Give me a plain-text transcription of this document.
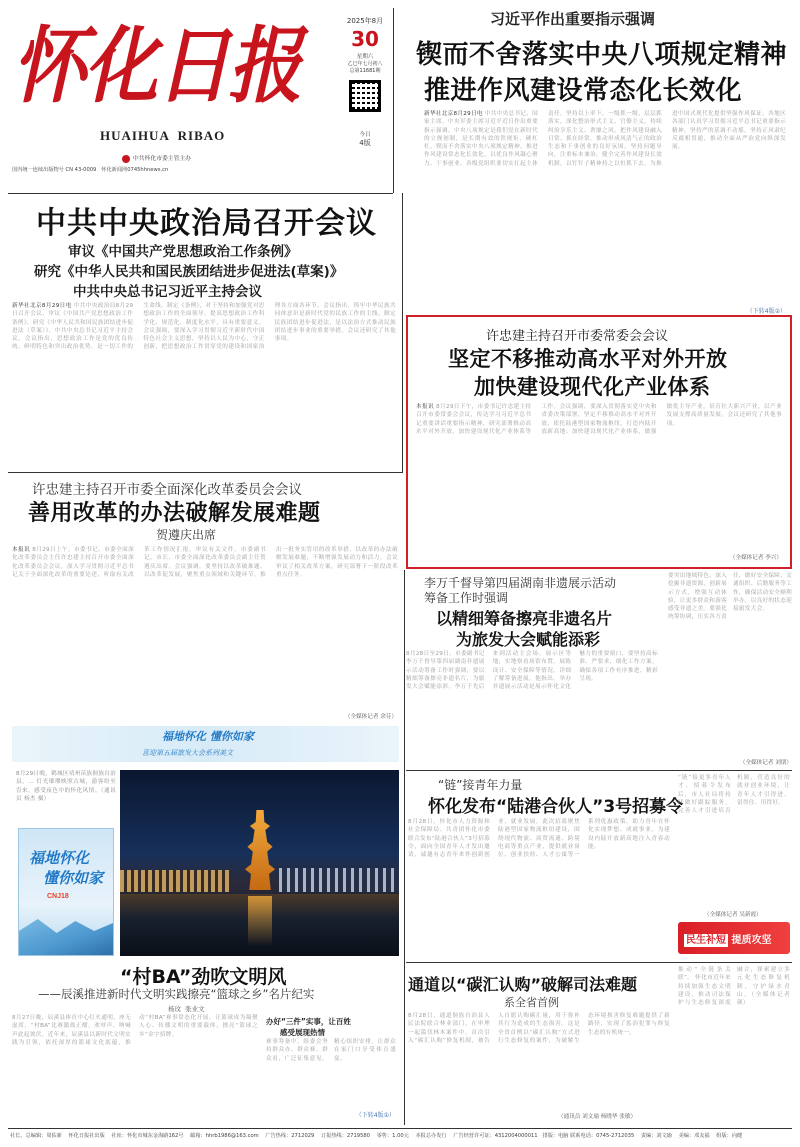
怀化日报
HUAIHUA  RIBAO
中共怀化市委主管主办
国内统一连续出版物号 CN 43-0009   怀化新闻网0745hhnews.cn
2025年8月
30
星期六
乙巳年七月初八
总第11681期
今日
4版
习近平作出重要指示强调
锲而不舍落实中央八项规定精神
推进作风建设常态化长效化
新华社北京8月29日电 中共中央总书记、国家主席、中央军委主席习近平近日作出重要指示强调，中央八项规定是我们党在新时代的立规创制，是长期有效的铁规矩、硬杠杠。锲而不舍落实中央八项规定精神，推进作风建设常态化长效化，以优良作风凝心聚力、干事创业。各级党组织要切实扛起主体责任，坚持以上率下，一级抓一级、层层抓落实，深化整治形式主义、官僚主义，持续纠治享乐主义、奢靡之风，把作风建设融入日常、抓在经常，推动形成风清气正的政治生态和干事创业的良好氛围。坚持问题导向，注重标本兼治，健全完善作风建设长效机制，以钉钉子精神持之以恒抓下去，为推进中国式现代化提供坚强作风保证。各地区各部门认真学习贯彻习近平总书记重要指示精神，坚持严的基调不动摇，坚持正风肃纪反腐相贯通，推动全面从严治党向纵深发展。
（下转4版②）
中共中央政治局召开会议
审议《中国共产党思想政治工作条例》
研究《中华人民共和国民族团结进步促进法(草案)》
中共中央总书记习近平主持会议
新华社北京8月29日电 中共中央政治局8月29日召开会议，审议《中国共产党思想政治工作条例》，研究《中华人民共和国民族团结进步促进法（草案）》。中共中央总书记习近平主持会议。会议指出，思想政治工作是党的优良传统、鲜明特色和突出政治优势，是一切工作的生命线。制定《条例》，对于坚持和加强党对思想政治工作的全面领导，提高思想政治工作科学化、规范化、制度化水平，具有重要意义。会议强调，要深入学习贯彻习近平新时代中国特色社会主义思想，坚持以人民为中心，守正创新，把思想政治工作贯穿党的建设和国家治理各方面各环节。会议指出，铸牢中华民族共同体意识是新时代党的民族工作的主线。制定民族团结进步促进法，是以法治方式推动民族团结进步事业的重要举措。会议还研究了其他事项。	许忠建主持召开市委常委会会议
坚定不移推动高水平对外开放
加快建设现代化产业体系
本报讯 8月29日下午，市委书记许忠建主持召开市委常委会会议，传达学习习近平总书记重要讲话重要指示精神，研究部署推动高水平对外开放、加快建设现代化产业体系等工作。会议强调，要深入贯彻落实党中央和省委决策部署，坚定不移推动高水平对外开放，依托陆港型国家物流枢纽，打造内陆开放新高地；加快建设现代化产业体系，做强做优主导产业，培育壮大新兴产业，以产业发展支撑高质量发展。会议还研究了其他事项。
（全媒体记者 李兴）
许忠建主持召开市委全面深化改革委员会会议
善用改革的办法破解发展难题
贺遵庆出席
本报讯 8月29日上午，市委书记、市委全面深化改革委员会主任许忠建主持召开市委全面深化改革委员会会议，深入学习贯彻习近平总书记关于全面深化改革的重要论述，听取有关改革工作情况汇报，审议有关文件。市委副书记、市长、市委全面深化改革委员会副主任贺遵庆出席。会议强调，要坚持以改革破难题、以改革促发展，聚焦重点领域和关键环节，推出一批务实管用的改革举措，以改革的办法破解发展难题，不断增强发展动力和活力。会议审议了相关改革方案，研究部署下一阶段改革重点任务。
（全媒体记者 余芬）
李万千督导第四届湖南非遗展示活动
筹备工作时强调
以精细筹备擦亮非遗名片
为旅发大会赋能添彩
8月28日至29日，市委副书记李万千督导第四届湖南非遗展示活动筹备工作时强调，要以精细筹备擦亮非遗名片，为旅发大会赋能添彩。李万千先后来到活动主会场、展示区等地，实地察看场馆布置、展陈设计、安全保障等情况，详细了解筹备进展。他指出，举办非遗展示活动是展示怀化文化魅力的重要窗口，要坚持高标准、严要求，细化工作方案，确保各项工作有序推进、精彩呈现。
要突出地域特色，深入挖掘非遗资源，创新展示方式，增强互动体验，让更多群众和游客感受非遗之美。要强化统筹协调，压实各方责任，做好安全保障、交通组织、后勤服务等工作，确保活动安全顺利举办，以良好的状态迎接旅发大会。
（全媒体记者 刘朋）
福地怀化 懂你如家
喜迎第五届旅发大会系列美文
8月29日晚，鹤城区靖州苗族侗族自治县，… 灯光璀璨映照古城，游客纷至沓来，感受夜色中的怀化风情。（通讯员 杨杰 摄）
福地怀化
懂你如家
CNJ18
“村BA”劲吹文明风
——辰溪推进新时代文明实践擦亮“篮球之乡”名片纪实
杨玟  张业文
8月27日晚，辰溪县体育中心灯火通明，座无虚席，“村BA”比赛激战正酣，欢呼声、呐喊声此起彼伏。近年来，辰溪县以新时代文明实践为引领，依托深厚的篮球文化底蕴，推动“村BA”赛事常态化开展，让篮球成为凝聚人心、传播文明的重要载体，擦亮“篮球之乡”金字招牌。
办好“三件”实事，让百姓
感受展现热情
赛事筹备中，组委会坚持群众办、群众赛、群众看，广泛征集意见，精心组织安排，让群众在家门口享受体育盛宴。
（下转4版①）
“链”接青年力量
怀化发布“陆港合伙人”3号招募令
8月28日，怀化市人力资源和社会保障局、共青团怀化市委联合发布“陆港合伙人”3号招募令，面向全国青年人才发出邀请，诚邀有志青年来怀创新创业、就业发展。此次招募聚焦陆港型国家物流枢纽建设，围绕现代物流、商贸流通、跨境电商等重点产业，提供就业岗位、创业扶持、人才公寓等一系列优惠政策，助力青年在怀化实现梦想、成就事业，为建设内陆开放新高地注入青春动能。
“链”接更多青年人才，招募令发布后，市人社局将持续做好跟踪服务，完善人才引进培育机制，营造良好的就业创业环境，让青年人才引得进、留得住、用得好。
（全媒体记者 吴新霞）
民生补短 提质攻坚
通道以“碳汇认购”破解司法难题
系全省首例
8月28日，通道侗族自治县人民法院联合林业部门，在审理一起滥伐林木案件中，首次引入“碳汇认购”修复机制，被告人自愿认购碳汇量，用于弥补其行为造成的生态损害。这是全省首例以“碳汇认购”方式进行生态修复的案件，为破解生态环境损害修复难题提供了新路径，实现了惩治犯罪与修复生态的有机统一。
推动“全链条关联”。 怀化市近年来持续加强生态文明建设，推动司法保护与生态修复深度融合，探索建立多元化生态修复机制，守护绿水青山。（全媒体记者 颜）
（通讯员 刘文瑜 杨晓华 张敏）
社长、总编辑：周佑新    怀化日报社出版    社址：怀化市城东金海路162号    邮箱：hhrb1986@163.com    广告热线：2712029    订报热线：2719580    零售：1.00元    本报总办发行    广告经营许可证：4312004000011   排版：电脑 联系电话：0745-2712035    责编：刘文瑜    美编：邓友福    组版：向健
